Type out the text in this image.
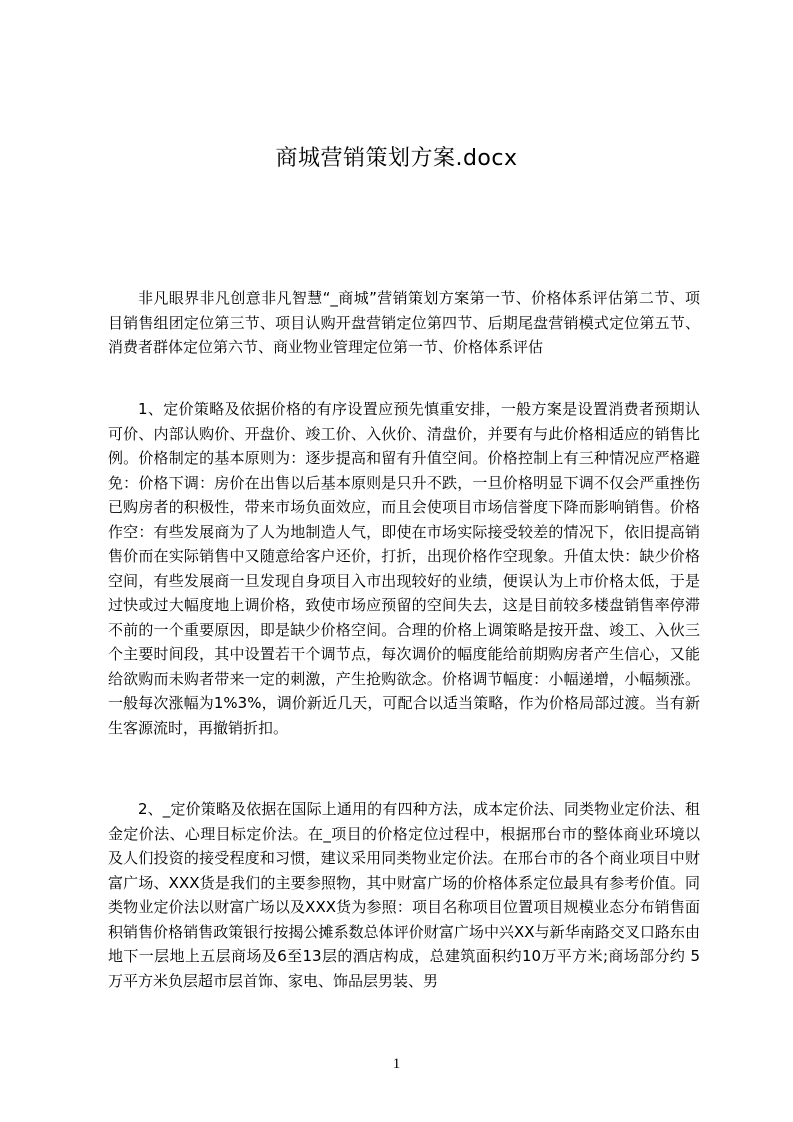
商城营销策划方案.docx

非凡眼界非凡创意非凡智慧“_商城”营销策划方案第一节、价格体系评估第二节、项目销售组团定位第三节、项目认购开盘营销定位第四节、后期尾盘营销模式定位第五节、消费者群体定位第六节、商业物业管理定位第一节、价格体系评估

1、定价策略及依据价格的有序设置应预先慎重安排，一般方案是设置消费者预期认可价、内部认购价、开盘价、竣工价、入伙价、清盘价，并要有与此价格相适应的销售比例。价格制定的基本原则为：逐步提高和留有升值空间。价格控制上有三种情况应严格避免：价格下调：房价在出售以后基本原则是只升不跌，一旦价格明显下调不仅会严重挫伤已购房者的积极性，带来市场负面效应，而且会使项目市场信誉度下降而影响销售。价格作空：有些发展商为了人为地制造人气，即使在市场实际接受较差的情况下，依旧提高销售价而在实际销售中又随意给客户还价，打折，出现价格作空现象。升值太快：缺少价格空间，有些发展商一旦发现自身项目入市出现较好的业绩，便误认为上市价格太低，于是过快或过大幅度地上调价格，致使市场应预留的空间失去，这是目前较多楼盘销售率停滞不前的一个重要原因，即是缺少价格空间。合理的价格上调策略是按开盘、竣工、入伙三个主要时间段，其中设置若干个调节点，每次调价的幅度能给前期购房者产生信心，又能给欲购而未购者带来一定的刺激，产生抢购欲念。价格调节幅度：小幅递增，小幅频涨。一般每次涨幅为1%3%，调价新近几天，可配合以适当策略，作为价格局部过渡。当有新生客源流时，再撤销折扣。

2、_定价策略及依据在国际上通用的有四种方法，成本定价法、同类物业定价法、租金定价法、心理目标定价法。在_项目的价格定位过程中，根据邢台市的整体商业环境以及人们投资的接受程度和习惯，建议采用同类物业定价法。在邢台市的各个商业项目中财富广场、XXX货是我们的主要参照物，其中财富广场的价格体系定位最具有参考价值。同类物业定价法以财富广场以及XXX货为参照：项目名称项目位置项目规模业态分布销售面积销售价格销售政策银行按揭公摊系数总体评价财富广场中兴XX与新华南路交叉口路东由地下一层地上五层商场及6至13层的酒店构成，总建筑面积约10万平方米;商场部分约 5万平方米负层超市层首饰、家电、饰品层男装、男

1
